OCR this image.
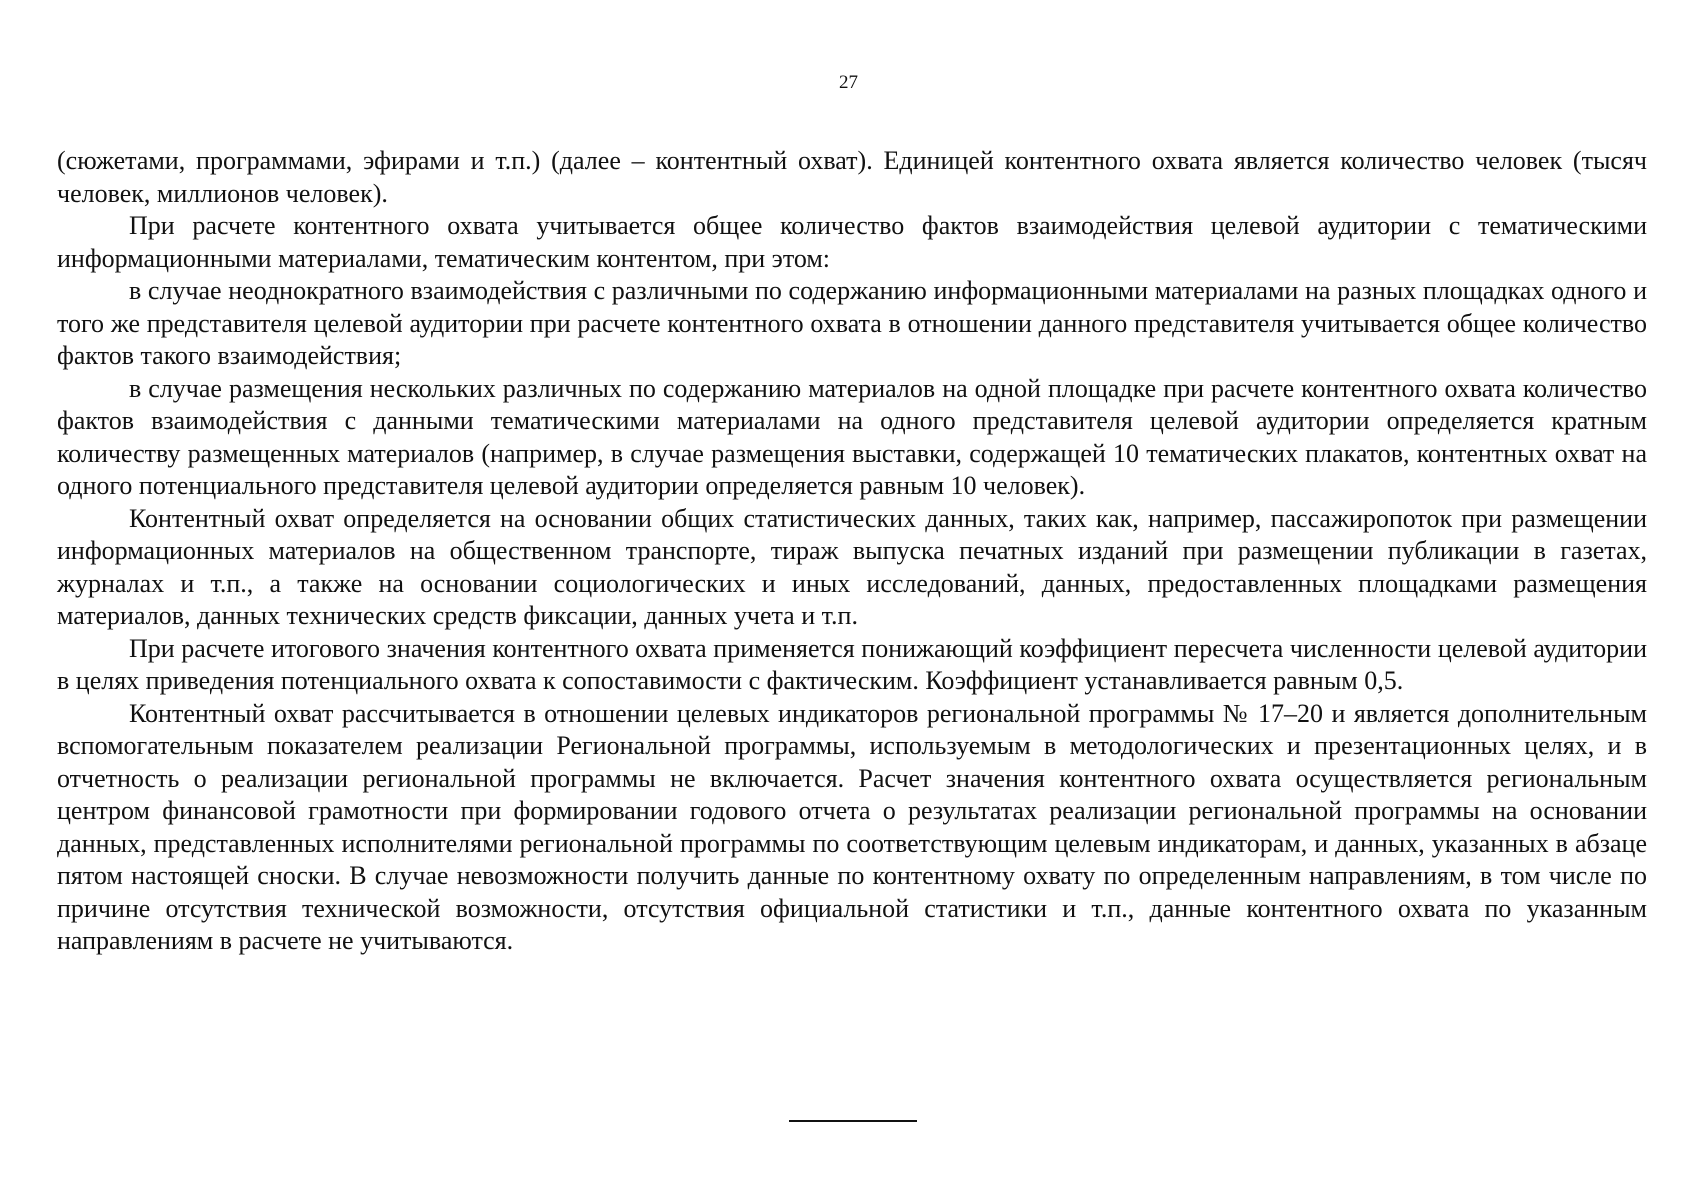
27

(сюжетами, программами, эфирами и т.п.) (далее – контентный охват). Единицей контентного охвата является количество человек (тысяч человек, миллионов человек).

При расчете контентного охвата учитывается общее количество фактов взаимодействия целевой аудитории с тематическими информационными материалами, тематическим контентом, при этом:

в случае неоднократного взаимодействия с различными по содержанию информационными материалами на разных площадках одного и того же представителя целевой аудитории при расчете контентного охвата в отношении данного представителя учитывается общее количество фактов такого взаимодействия;

в случае размещения нескольких различных по содержанию материалов на одной площадке при расчете контентного охвата количество фактов взаимодействия с данными тематическими материалами на одного представителя целевой аудитории определяется кратным количеству размещенных материалов (например, в случае размещения выставки, содержащей 10 тематических плакатов, контентных охват на одного потенциального представителя целевой аудитории определяется равным 10 человек).

Контентный охват определяется на основании общих статистических данных, таких как, например, пассажиропоток при размещении информационных материалов на общественном транспорте, тираж выпуска печатных изданий при размещении публикации в газетах, журналах и т.п., а также на основании социологических и иных исследований, данных, предоставленных площадками размещения материалов, данных технических средств фиксации, данных учета и т.п.

При расчете итогового значения контентного охвата применяется понижающий коэффициент пересчета численности целевой аудитории в целях приведения потенциального охвата к сопоставимости с фактическим. Коэффициент устанавливается равным 0,5.

Контентный охват рассчитывается в отношении целевых индикаторов региональной программы № 17–20 и является дополнительным вспомогательным показателем реализации Региональной программы, используемым в методологических и презентационных целях, и в отчетность о реализации региональной программы не включается. Расчет значения контентного охвата осуществляется региональным центром финансовой грамотности при формировании годового отчета о результатах реализации региональной программы на основании данных, представленных исполнителями региональной программы по соответствующим целевым индикаторам, и данных, указанных в абзаце пятом настоящей сноски. В случае невозможности получить данные по контентному охвату по определенным направлениям, в том числе по причине отсутствия технической возможности, отсутствия официальной статистики и т.п., данные контентного охвата по указанным направлениям в расчете не учитываются.
